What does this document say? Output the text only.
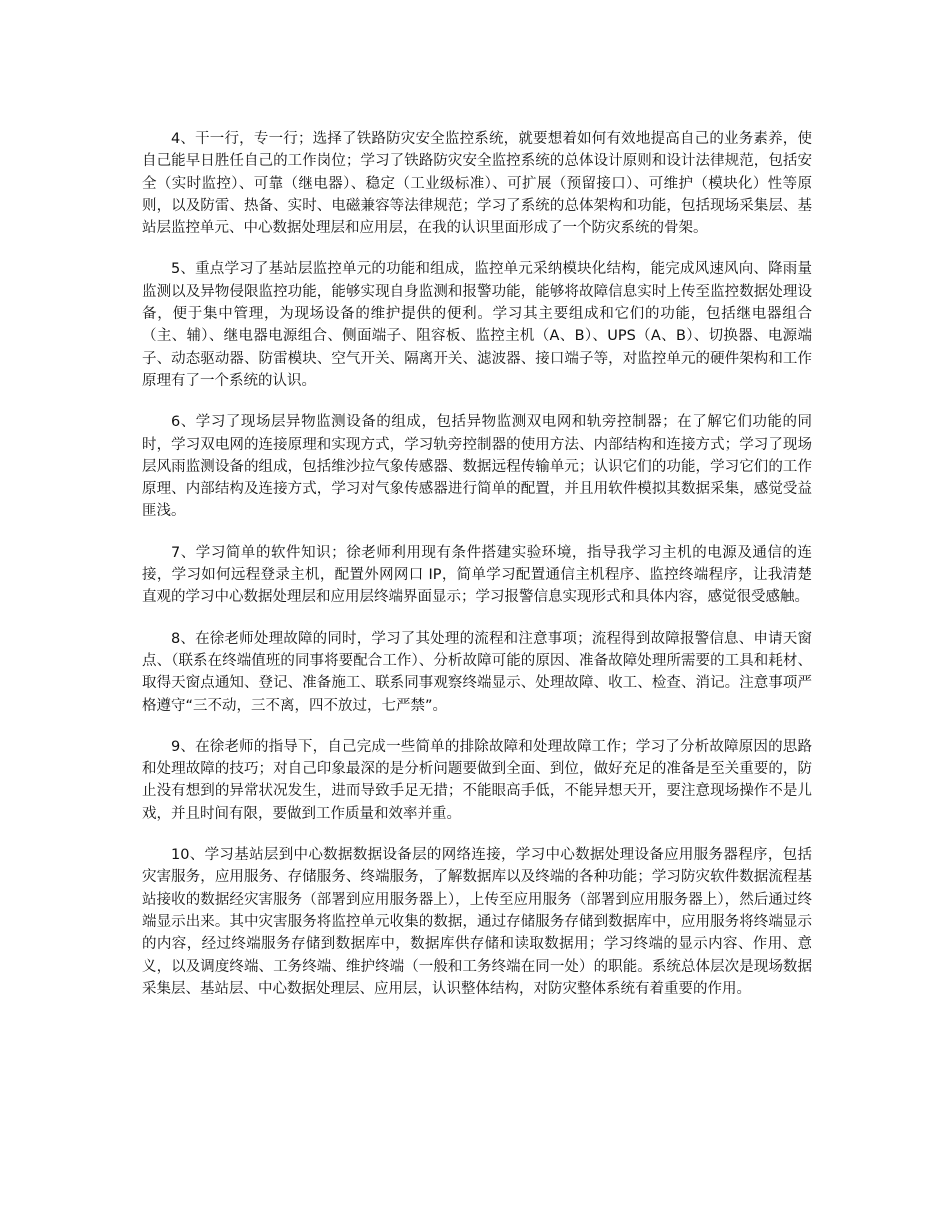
4、干一行，专一行；选择了铁路防灾安全监控系统，就要想着如何有效地提高自己的业务素养，使自己能早日胜任自己的工作岗位；学习了铁路防灾安全监控系统的总体设计原则和设计法律规范，包括安全（实时监控）、可靠（继电器）、稳定（工业级标准）、可扩展（预留接口）、可维护（模块化）性等原则，以及防雷、热备、实时、电磁兼容等法律规范；学习了系统的总体架构和功能，包括现场采集层、基站层监控单元、中心数据处理层和应用层，在我的认识里面形成了一个防灾系统的骨架。

5、重点学习了基站层监控单元的功能和组成，监控单元采纳模块化结构，能完成风速风向、降雨量监测以及异物侵限监控功能，能够实现自身监测和报警功能，能够将故障信息实时上传至监控数据处理设备，便于集中管理，为现场设备的维护提供的便利。学习其主要组成和它们的功能，包括继电器组合（主、辅）、继电器电源组合、侧面端子、阻容板、监控主机（A、B）、UPS（A、B）、切换器、电源端子、动态驱动器、防雷模块、空气开关、隔离开关、滤波器、接口端子等，对监控单元的硬件架构和工作原理有了一个系统的认识。

6、学习了现场层异物监测设备的组成，包括异物监测双电网和轨旁控制器；在了解它们功能的同时，学习双电网的连接原理和实现方式，学习轨旁控制器的使用方法、内部结构和连接方式；学习了现场层风雨监测设备的组成，包括维沙拉气象传感器、数据远程传输单元；认识它们的功能，学习它们的工作原理、内部结构及连接方式，学习对气象传感器进行简单的配置，并且用软件模拟其数据采集，感觉受益匪浅。

7、学习简单的软件知识；徐老师利用现有条件搭建实验环境，指导我学习主机的电源及通信的连接，学习如何远程登录主机，配置外网网口 IP，简单学习配置通信主机程序、监控终端程序，让我清楚直观的学习中心数据处理层和应用层终端界面显示；学习报警信息实现形式和具体内容，感觉很受感触。

8、在徐老师处理故障的同时，学习了其处理的流程和注意事项；流程得到故障报警信息、申请天窗点、（联系在终端值班的同事将要配合工作）、分析故障可能的原因、准备故障处理所需要的工具和耗材、取得天窗点通知、登记、准备施工、联系同事观察终端显示、处理故障、收工、检查、消记。注意事项严格遵守“三不动，三不离，四不放过，七严禁”。

9、在徐老师的指导下，自己完成一些简单的排除故障和处理故障工作；学习了分析故障原因的思路和处理故障的技巧；对自己印象最深的是分析问题要做到全面、到位，做好充足的准备是至关重要的，防止没有想到的异常状况发生，进而导致手足无措；不能眼高手低，不能异想天开，要注意现场操作不是儿戏，并且时间有限，要做到工作质量和效率并重。

10、学习基站层到中心数据数据设备层的网络连接，学习中心数据处理设备应用服务器程序，包括灾害服务，应用服务、存储服务、终端服务，了解数据库以及终端的各种功能；学习防灾软件数据流程基站接收的数据经灾害服务（部署到应用服务器上），上传至应用服务（部署到应用服务器上），然后通过终端显示出来。其中灾害服务将监控单元收集的数据，通过存储服务存储到数据库中，应用服务将终端显示的内容，经过终端服务存储到数据库中，数据库供存储和读取数据用；学习终端的显示内容、作用、意义，以及调度终端、工务终端、维护终端（一般和工务终端在同一处）的职能。系统总体层次是现场数据采集层、基站层、中心数据处理层、应用层，认识整体结构，对防灾整体系统有着重要的作用。
